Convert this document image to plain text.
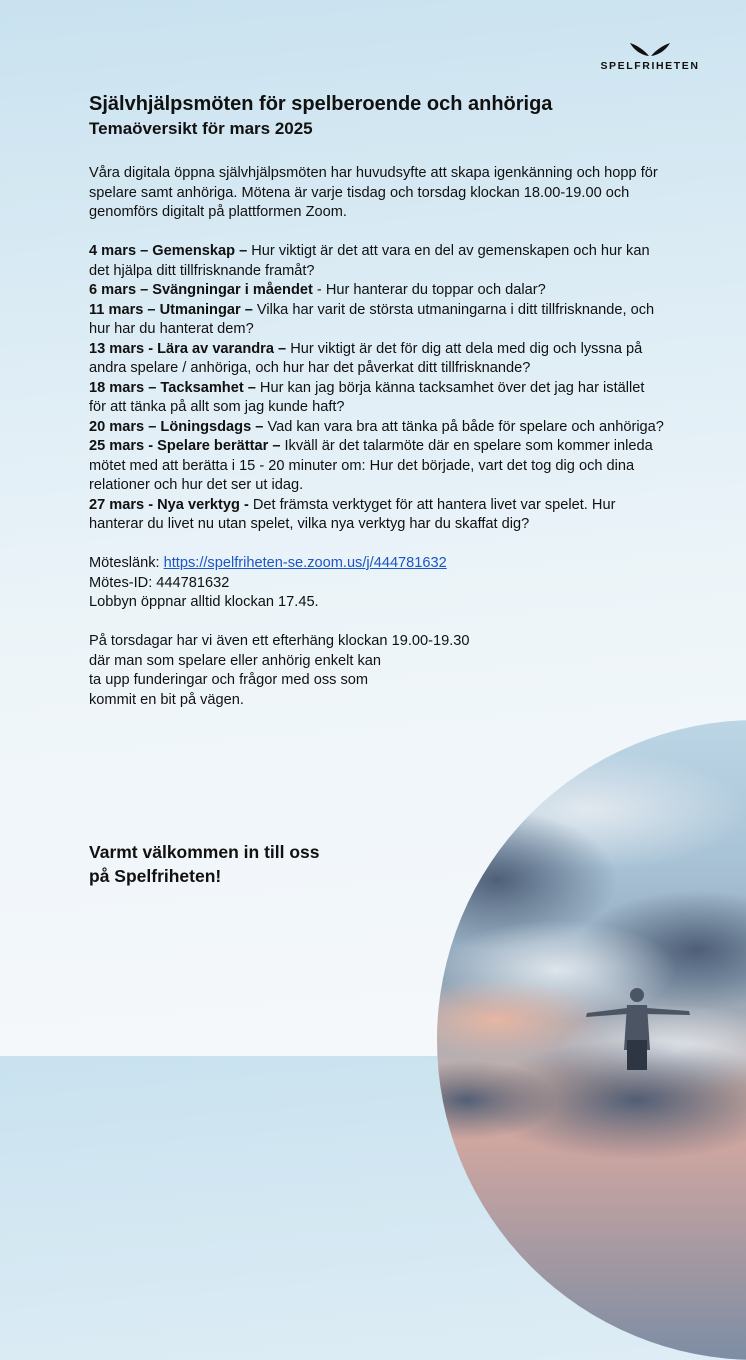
SPELFRIHETEN
Självhjälpsmöten för spelberoende och anhöriga
Temaöversikt för mars 2025

Våra digitala öppna självhjälpsmöten har huvudsyfte att skapa igenkänning och hopp för spelare samt anhöriga. Mötena är varje tisdag och torsdag klockan 18.00-19.00 och genomförs digitalt på plattformen Zoom.

4 mars – Gemenskap – Hur viktigt är det att vara en del av gemenskapen och hur kan det hjälpa ditt tillfrisknande framåt?

6 mars – Svängningar i måendet - Hur hanterar du toppar och dalar?

11 mars – Utmaningar – Vilka har varit de största utmaningarna i ditt tillfrisknande, och hur har du hanterat dem?

13 mars - Lära av varandra – Hur viktigt är det för dig att dela med dig och lyssna på andra spelare / anhöriga, och hur har det påverkat ditt tillfrisknande?

18 mars – Tacksamhet – Hur kan jag börja känna tacksamhet över det jag har istället för att tänka på allt som jag kunde haft?

20 mars – Löningsdags – Vad kan vara bra att tänka på både för spelare och anhöriga?

25 mars - Spelare berättar – Ikväll är det talarmöte där en spelare som kommer inleda mötet med att berätta i 15 - 20 minuter om: Hur det började, vart det tog dig och dina relationer och hur det ser ut idag.

27 mars - Nya verktyg - Det främsta verktyget för att hantera livet var spelet. Hur hanterar du livet nu utan spelet, vilka nya verktyg har du skaffat dig?

Möteslänk: https://spelfriheten-se.zoom.us/j/444781632

Mötes-ID: 444781632

Lobbyn öppnar alltid klockan 17.45.

På torsdagar har vi även ett efterhäng klockan 19.00-19.30

där man som spelare eller anhörig enkelt kan

ta upp funderingar och frågor med oss som

kommit en bit på vägen.

Varmt välkommen in till oss på Spelfriheten!
